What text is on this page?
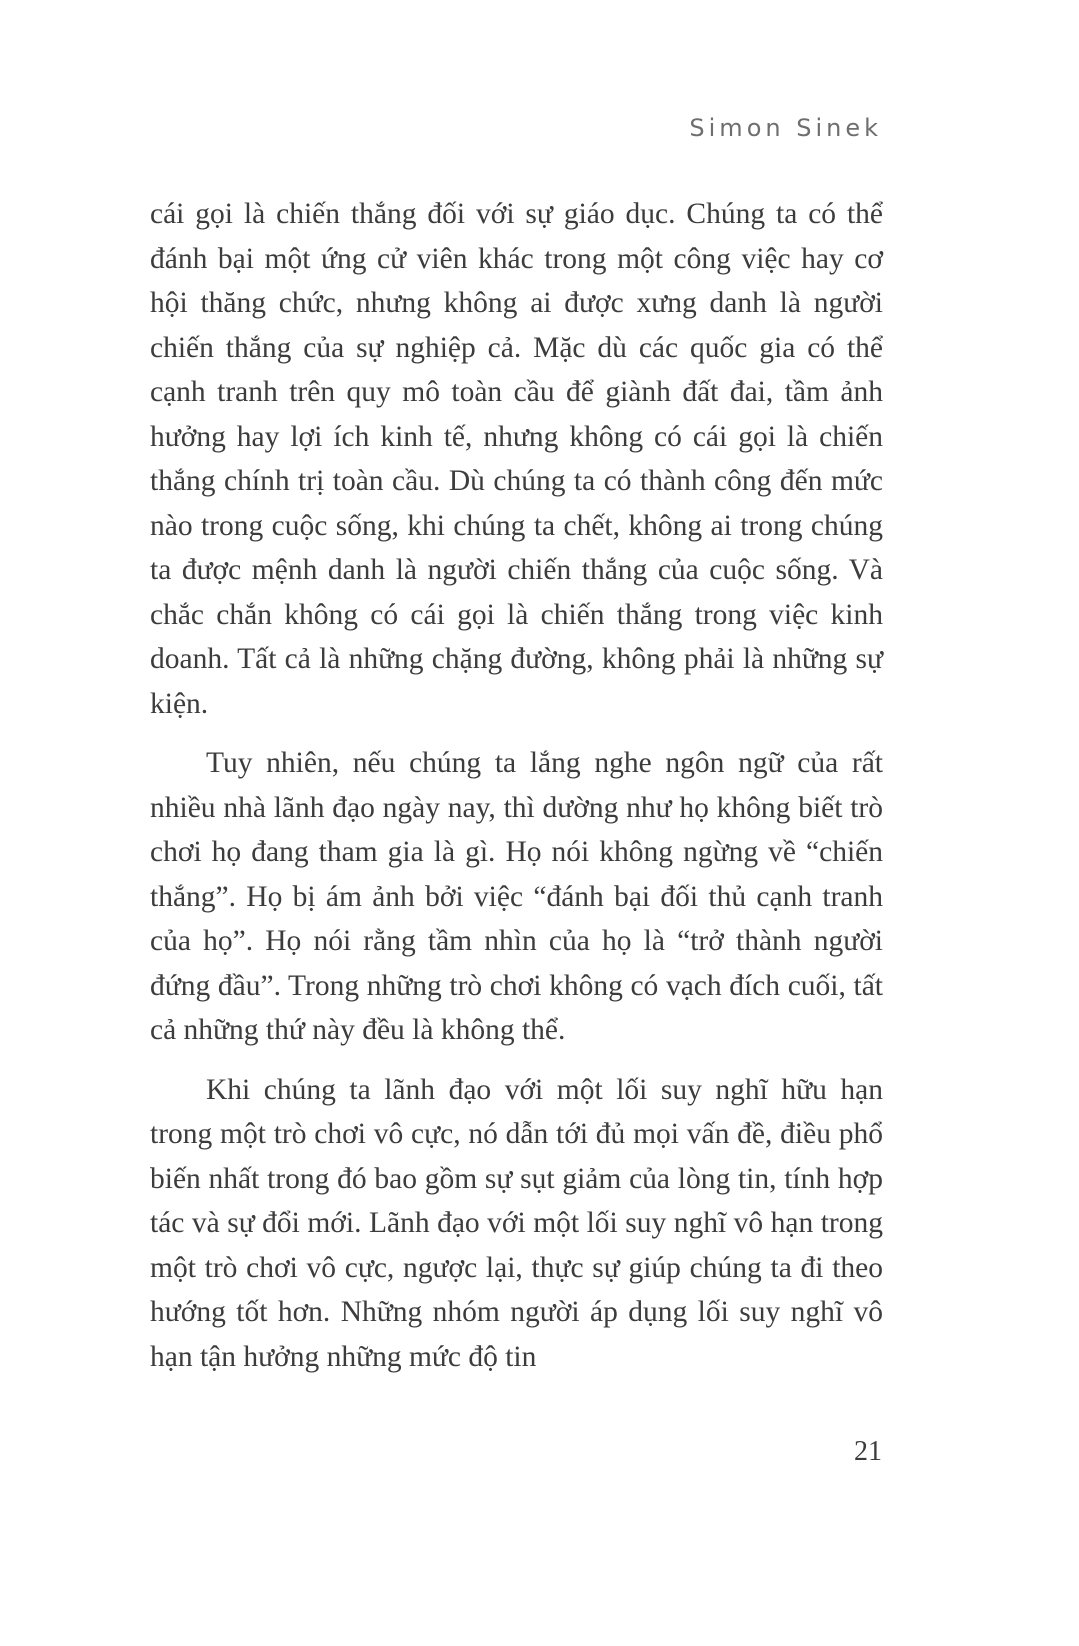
Simon Sinek

cái gọi là chiến thắng đối với sự giáo dục. Chúng ta có thể đánh bại một ứng cử viên khác trong một công việc hay cơ hội thăng chức, nhưng không ai được xưng danh là người chiến thắng của sự nghiệp cả. Mặc dù các quốc gia có thể cạnh tranh trên quy mô toàn cầu để giành đất đai, tầm ảnh hưởng hay lợi ích kinh tế, nhưng không có cái gọi là chiến thắng chính trị toàn cầu. Dù chúng ta có thành công đến mức nào trong cuộc sống, khi chúng ta chết, không ai trong chúng ta được mệnh danh là người chiến thắng của cuộc sống. Và chắc chắn không có cái gọi là chiến thắng trong việc kinh doanh. Tất cả là những chặng đường, không phải là những sự kiện.

Tuy nhiên, nếu chúng ta lắng nghe ngôn ngữ của rất nhiều nhà lãnh đạo ngày nay, thì dường như họ không biết trò chơi họ đang tham gia là gì. Họ nói không ngừng về “chiến thắng”. Họ bị ám ảnh bởi việc “đánh bại đối thủ cạnh tranh của họ”. Họ nói rằng tầm nhìn của họ là “trở thành người đứng đầu”. Trong những trò chơi không có vạch đích cuối, tất cả những thứ này đều là không thể.

Khi chúng ta lãnh đạo với một lối suy nghĩ hữu hạn trong một trò chơi vô cực, nó dẫn tới đủ mọi vấn đề, điều phổ biến nhất trong đó bao gồm sự sụt giảm của lòng tin, tính hợp tác và sự đổi mới. Lãnh đạo với một lối suy nghĩ vô hạn trong một trò chơi vô cực, ngược lại, thực sự giúp chúng ta đi theo hướng tốt hơn. Những nhóm người áp dụng lối suy nghĩ vô hạn tận hưởng những mức độ tin

21
